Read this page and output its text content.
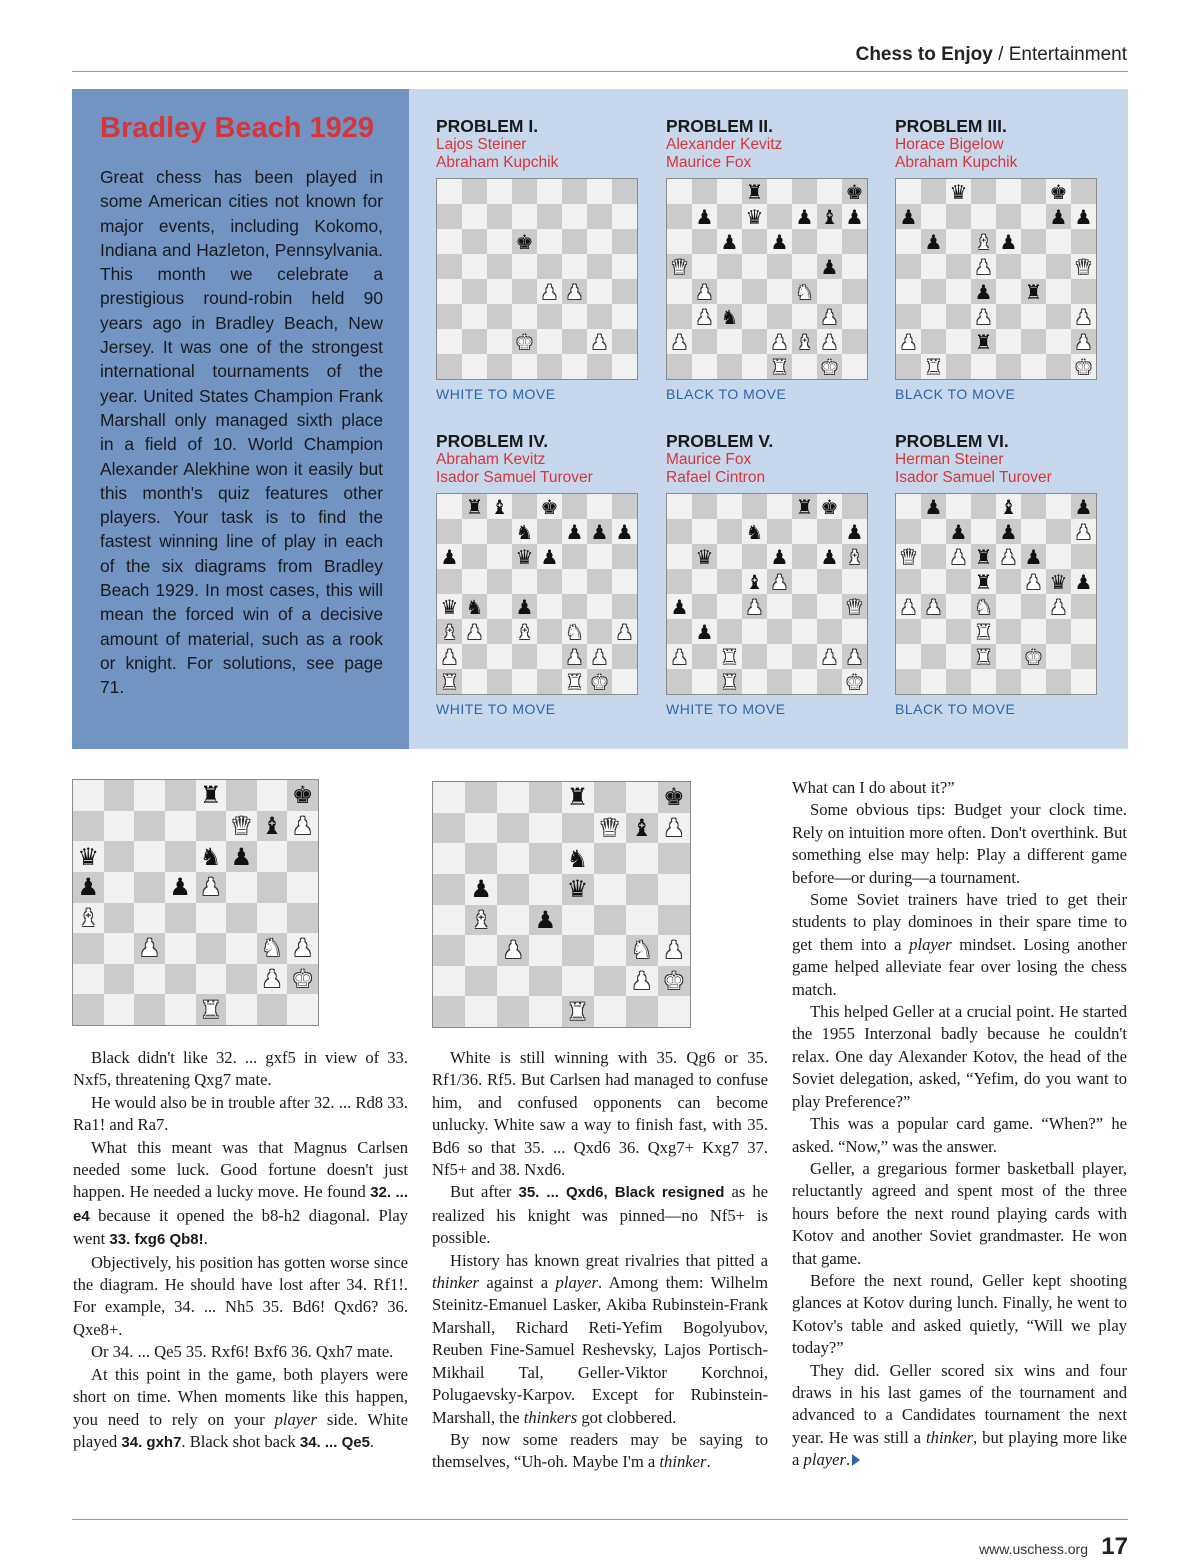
Chess to Enjoy / Entertainment
Bradley Beach 1929
Great chess has been played in some American cities not known for major events, including Kokomo, Indiana and Hazleton, Pennsylvania. This month we celebrate a prestigious round-robin held 90 years ago in Bradley Beach, New Jersey. It was one of the strongest international tournaments of the year. United States Champion Frank Marshall only managed sixth place in a field of 10. World Champion Alexander Alekhine won it easily but this month's quiz features other players. Your task is to find the fastest winning line of play in each of the six diagrams from Bradley Beach 1929. In most cases, this will mean the forced win of a decisive amount of material, such as a rook or knight. For solutions, see page 71.
PROBLEM I.
Lajos Steiner
Abraham Kupchik
♚
♟ ♟
♚	♟
WHITE TO MOVE
PROBLEM II.
Alexander Kevitz
Maurice Fox
♜	♚
♟ ♛ ♟ ♝ ♟
♟ ♟
♛	♟
♟	♞
♟ ♞	♟
♟	♟ ♝ ♟
♜ ♚
BLACK TO MOVE
PROBLEM III.
Horace Bigelow
Abraham Kupchik
♛	♚
♟	♟ ♟
♟ ♝ ♟
♟	♛
♟ ♜
♟	♟
♟	♜	♟
♜	♚
BLACK TO MOVE
PROBLEM IV.
Abraham Kevitz
Isador Samuel Turover
♜ ♝ ♚
♞ ♟ ♟ ♟
♟	♛ ♟
♛ ♞ ♟
♝ ♟ ♝ ♞ ♟
♟	♟ ♟
♜	♜ ♚
WHITE TO MOVE
PROBLEM V.
Maurice Fox
Rafael Cintron
♜ ♚
♞	♟
♛	♟ ♟ ♝
♝ ♟
♟	♟	♛
♟
♟ ♜	♟ ♟
♜	♚
WHITE TO MOVE
PROBLEM VI.
Herman Steiner
Isador Samuel Turover
♟	♝	♟
♟ ♟	♟
♛ ♟ ♜ ♟ ♟
♜ ♟ ♛ ♟
♟ ♟ ♞	♟
♜
♜ ♚
BLACK TO MOVE
♜	♚
♛ ♝ ♟
♛	♞ ♟
♟	♟ ♟
♝
♟	♞ ♟
♟ ♚
♜
♜	♚
♛ ♝ ♟
♞
♟	♛
♝ ♟
♟	♞ ♟
♟ ♚
♜

Black didn't like 32. ... gxf5 in view of 33. Nxf5, threatening Qxg7 mate.

He would also be in trouble after 32. ... Rd8 33. Ra1! and Ra7.

What this meant was that Magnus Carlsen needed some luck. Good fortune doesn't just happen. He needed a lucky move. He found 32. ... e4 because it opened the b8-h2 diagonal. Play went 33. fxg6 Qb8!.

Objectively, his position has gotten worse since the diagram. He should have lost after 34. Rf1!. For example, 34. ... Nh5 35. Bd6! Qxd6? 36. Qxe8+.

Or 34. ... Qe5 35. Rxf6! Bxf6 36. Qxh7 mate.

At this point in the game, both players were short on time. When moments like this happen, you need to rely on your player side. White played 34. gxh7. Black shot back 34. ... Qe5.

White is still winning with 35. Qg6 or 35. Rf1/36. Rf5. But Carlsen had managed to confuse him, and confused opponents can become unlucky. White saw a way to finish fast, with 35. Bd6 so that 35. ... Qxd6 36. Qxg7+ Kxg7 37. Nf5+ and 38. Nxd6.

But after 35. ... Qxd6, Black resigned as he realized his knight was pinned—no Nf5+ is possible.

History has known great rivalries that pitted a thinker against a player. Among them: Wilhelm Steinitz-Emanuel Lasker, Akiba Rubinstein-Frank Marshall, Richard Reti-Yefim Bogolyubov, Reuben Fine-Samuel Reshevsky, Lajos Portisch-Mikhail Tal, Geller-Viktor Korchnoi, Polugaevsky-Karpov. Except for Rubinstein-Marshall, the thinkers got clobbered.

By now some readers may be saying to themselves, “Uh-oh. Maybe I'm a thinker.

What can I do about it?”

Some obvious tips: Budget your clock time. Rely on intuition more often. Don't overthink. But something else may help: Play a different game before—or during—a tournament.

Some Soviet trainers have tried to get their students to play dominoes in their spare time to get them into a player mindset. Losing another game helped alleviate fear over losing the chess match.

This helped Geller at a crucial point. He started the 1955 Interzonal badly because he couldn't relax. One day Alexander Kotov, the head of the Soviet delegation, asked, “Yefim, do you want to play Preference?”

This was a popular card game. “When?” he asked. “Now,” was the answer.

Geller, a gregarious former basketball player, reluctantly agreed and spent most of the three hours before the next round playing cards with Kotov and another Soviet grandmaster. He won that game.

Before the next round, Geller kept shooting glances at Kotov during lunch. Finally, he went to Kotov's table and asked quietly, “Will we play today?”

They did. Geller scored six wins and four draws in his last games of the tournament and advanced to a Candidates tournament the next year. He was still a thinker, but playing more like a player.

www.uschess.org 17
